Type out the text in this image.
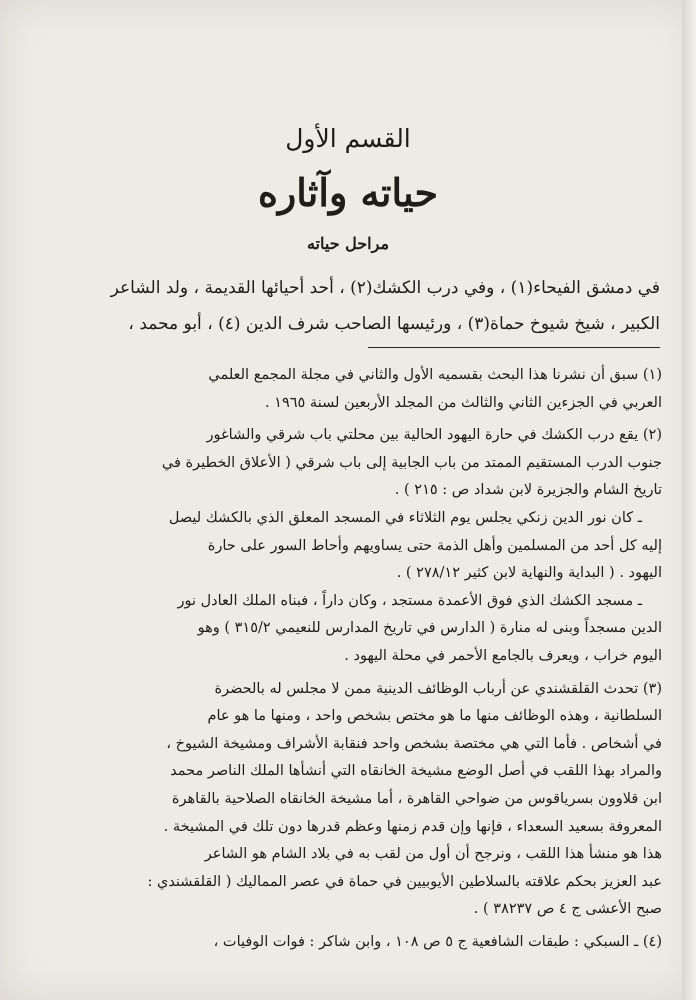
القسم الأول
حياته وآثاره
مراحل حياته
في دمشق الفيحاء(١) ، وفي درب الكشك(٢) ، أحد أحيائها القديمة ، ولد الشاعر
الكبير ، شيخ شيوخ حماة(٣) ، ورئيسها الصاحب شرف الدين (٤) ، أبو محمد ،
(١) سبق أن نشرنا هذا البحث بقسميه الأول والثاني في مجلة المجمع العلمي
العربي في الجزءين الثاني والثالث من المجلد الأربعين لسنة ١٩٦٥ .
(٢) يقع درب الكشك في حارة اليهود الحالية بين محلتي باب شرقي والشاغور
جنوب الدرب المستقيم الممتد من باب الجابية إلى باب شرقي ( الأعلاق الخطيرة في
تاريخ الشام والجزيرة لابن شداد ص : ٢١٥ ) .
ـ كان نور الدين زنكي يجلس يوم الثلاثاء في المسجد المعلق الذي بالكشك ليصل
إليه كل أحد من المسلمين وأهل الذمة حتى يساويهم وأحاط السور على حارة
اليهود . ( البداية والنهاية لابن كثير ٢٧٨/١٢ ) .
ـ مسجد الكشك الذي فوق الأعمدة مستجد ، وكان داراً ، فبناه الملك العادل نور
الدين مسجداً وبنى له منارة ( الدارس في تاريخ المدارس للنعيمي ٣١٥/٢ ) وهو
اليوم خراب ، ويعرف بالجامع الأحمر في محلة اليهود .
(٣) تحدث القلقشندي عن أرباب الوظائف الدينية ممن لا مجلس له بالحضرة
السلطانية ، وهذه الوظائف منها ما هو مختص بشخص واحد ، ومنها ما هو عام
في أشخاص . فأما التي هي مختصة بشخص واحد فنقابة الأشراف ومشيخة الشيوخ ،
والمراد بهذا اللقب في أصل الوضع مشيخة الخانقاه التي أنشأها الملك الناصر محمد
ابن قلاوون بسرياقوس من ضواحي القاهرة ، أما مشيخة الخانقاه الصلاحية بالقاهرة
المعروفة بسعيد السعداء ، فإنها وإن قدم زمنها وعظم قدرها دون تلك في المشيخة .
هذا هو منشأ هذا اللقب ، ونرجح أن أول من لقب به في بلاد الشام هو الشاعر
عبد العزيز بحكم علاقته بالسلاطين الأيوبيين في حماة في عصر المماليك ( القلقشندي :
صبح الأعشى ج ٤ ص ٣٨٢٣٧ ) .
(٤) ـ السبكي : طبقات الشافعية ج ٥ ص ١٠٨ ، وابن شاكر : فوات الوفيات ،
